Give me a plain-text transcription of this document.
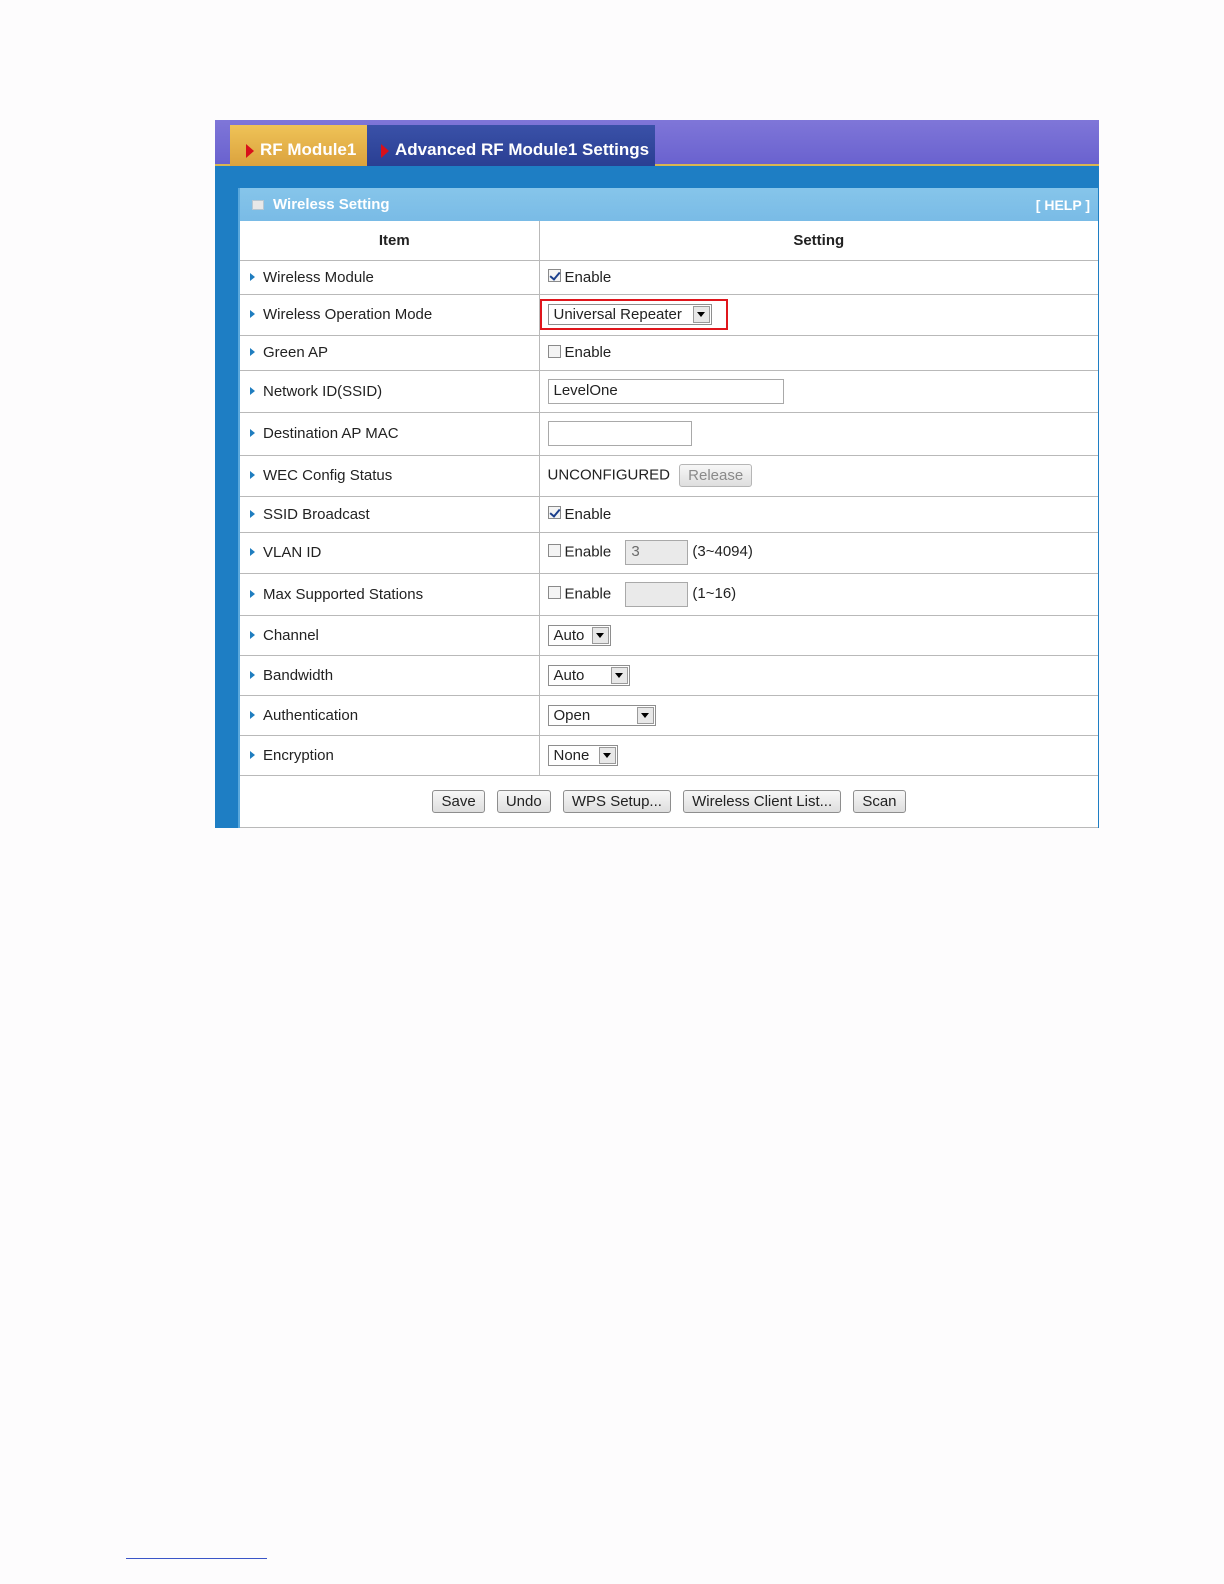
RF Module1 Advanced RF Module1 Settings
Wireless Setting	[ HELP ]
Item	Setting
Wireless Module	Enable
Wireless Operation Mode	Universal Repeater

Green AP	Enable
Network ID(SSID)	LevelOne
Destination AP MAC	
WEC Config Status	UNCONFIGURED Release
SSID Broadcast	Enable
VLAN ID	Enable 3 (3~4094)
Max Supported Stations	Enable (1~16)
Channel	Auto

Bandwidth	Auto

Authentication	Open

Encryption	None

Save Undo WPS Setup... Wireless Client List... Scan	
